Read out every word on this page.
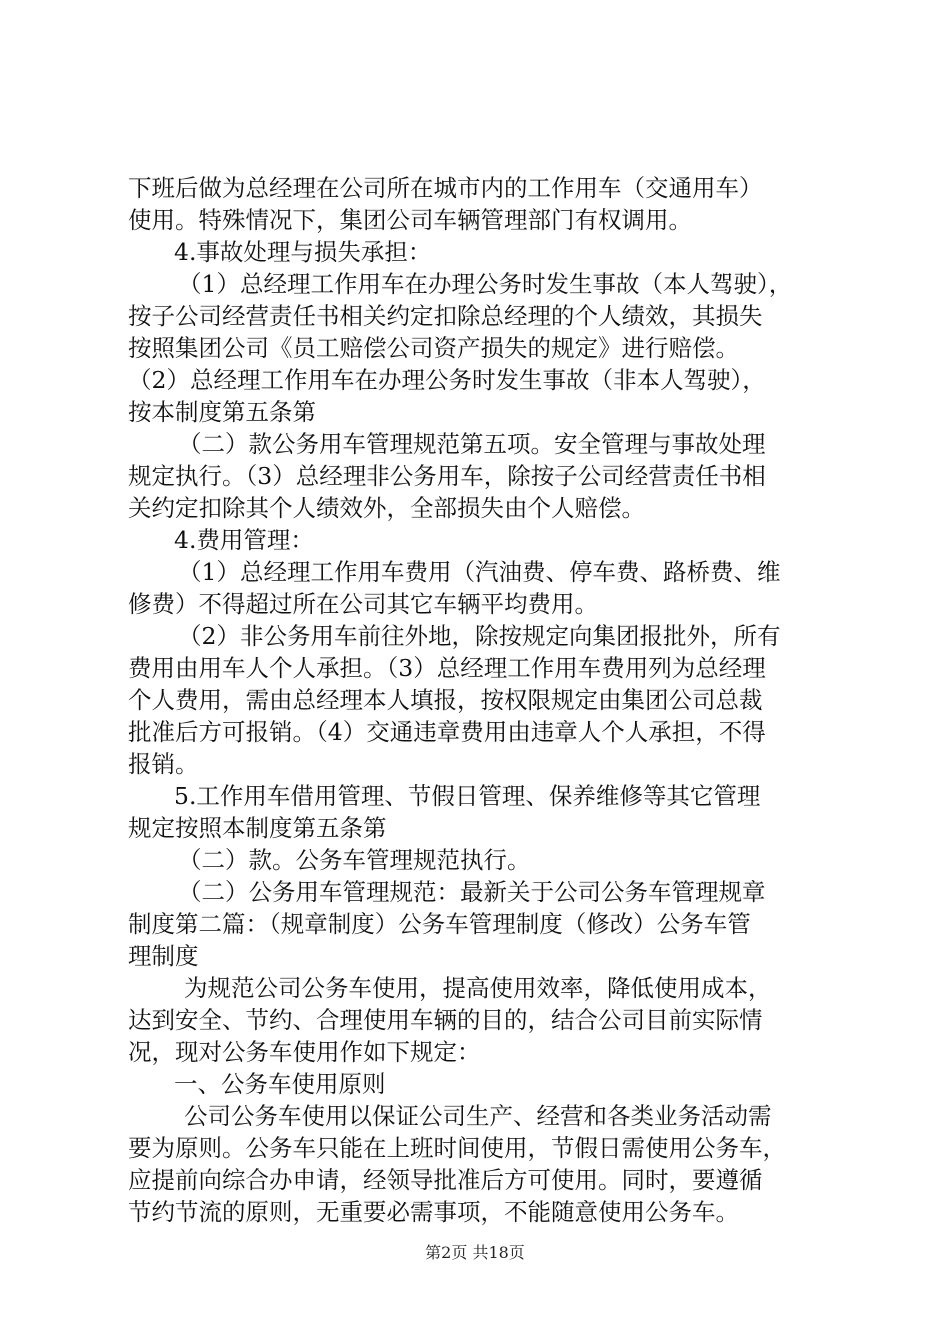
下班后做为总经理在公司所在城市内的工作用车（交通用车）
使用。特殊情况下，集团公司车辆管理部门有权调用。
4.事故处理与损失承担：
（1）总经理工作用车在办理公务时发生事故（本人驾驶），
按子公司经营责任书相关约定扣除总经理的个人绩效，其损失
按照集团公司《员工赔偿公司资产损失的规定》进行赔偿。
（2）总经理工作用车在办理公务时发生事故（非本人驾驶），
按本制度第五条第
（二）款公务用车管理规范第五项。安全管理与事故处理
规定执行。（3）总经理非公务用车，除按子公司经营责任书相
关约定扣除其个人绩效外，全部损失由个人赔偿。
4.费用管理：
（1）总经理工作用车费用（汽油费、停车费、路桥费、维
修费）不得超过所在公司其它车辆平均费用。
（2）非公务用车前往外地，除按规定向集团报批外，所有
费用由用车人个人承担。（3）总经理工作用车费用列为总经理
个人费用，需由总经理本人填报，按权限规定由集团公司总裁
批准后方可报销。（4）交通违章费用由违章人个人承担，不得
报销。
5.工作用车借用管理、节假日管理、保养维修等其它管理
规定按照本制度第五条第
（二）款。公务车管理规范执行。
（二）公务用车管理规范：最新关于公司公务车管理规章
制度第二篇：（规章制度）公务车管理制度（修改）公务车管
理制度
为规范公司公务车使用，提高使用效率，降低使用成本，
达到安全、节约、合理使用车辆的目的，结合公司目前实际情
况，现对公务车使用作如下规定：
一、公务车使用原则
公司公务车使用以保证公司生产、经营和各类业务活动需
要为原则。公务车只能在上班时间使用，节假日需使用公务车，
应提前向综合办申请，经领导批准后方可使用。同时，要遵循
节约节流的原则，无重要必需事项，不能随意使用公务车。
第2页 共18页
